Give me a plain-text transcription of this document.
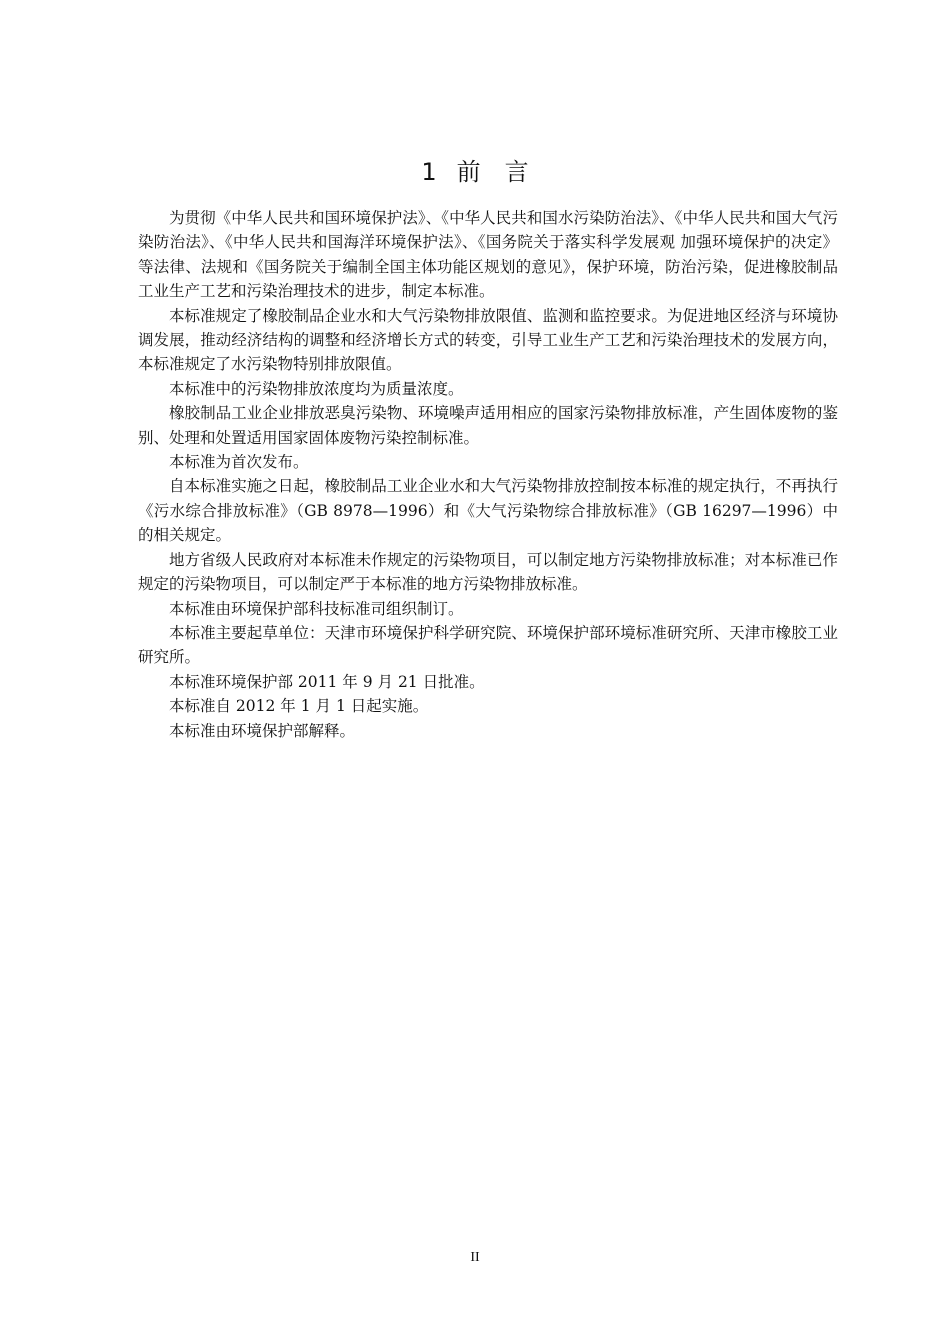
1 前 言

为贯彻《中华人民共和国环境保护法》、《中华人民共和国水污染防治法》、《中华人民共和国大气污染防治法》、《中华人民共和国海洋环境保护法》、《国务院关于落实科学发展观 加强环境保护的决定》等法律、法规和《国务院关于编制全国主体功能区规划的意见》，保护环境，防治污染，促进橡胶制品工业生产工艺和污染治理技术的进步，制定本标准。

本标准规定了橡胶制品企业水和大气污染物排放限值、监测和监控要求。为促进地区经济与环境协调发展，推动经济结构的调整和经济增长方式的转变，引导工业生产工艺和污染治理技术的发展方向，本标准规定了水污染物特别排放限值。

本标准中的污染物排放浓度均为质量浓度。

橡胶制品工业企业排放恶臭污染物、环境噪声适用相应的国家污染物排放标准，产生固体废物的鉴别、处理和处置适用国家固体废物污染控制标准。

本标准为首次发布。

自本标准实施之日起，橡胶制品工业企业水和大气污染物排放控制按本标准的规定执行，不再执行《污水综合排放标准》（GB 8978—1996）和《大气污染物综合排放标准》（GB 16297—1996）中的相关规定。

地方省级人民政府对本标准未作规定的污染物项目，可以制定地方污染物排放标准；对本标准已作规定的污染物项目，可以制定严于本标准的地方污染物排放标准。

本标准由环境保护部科技标准司组织制订。

本标准主要起草单位：天津市环境保护科学研究院、环境保护部环境标准研究所、天津市橡胶工业研究所。

本标准环境保护部 2011 年 9 月 21 日批准。

本标准自 2012 年 1 月 1 日起实施。

本标准由环境保护部解释。

II
